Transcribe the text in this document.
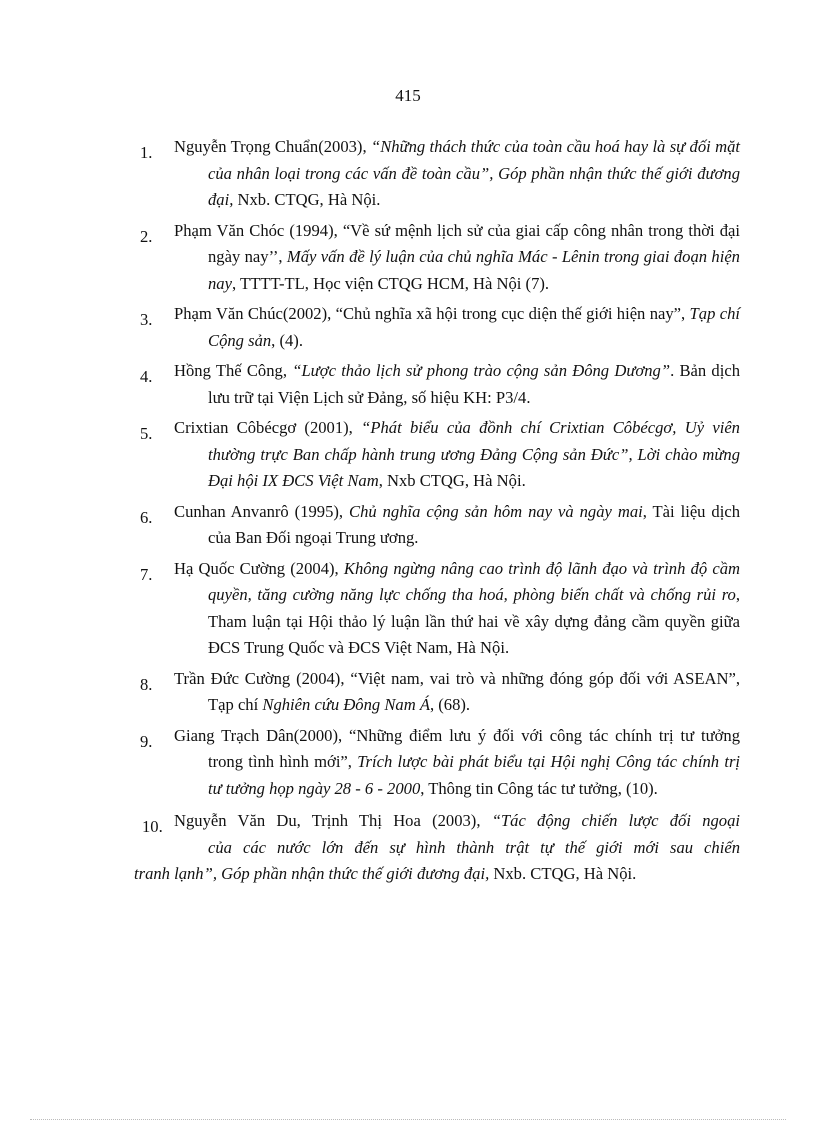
415
1.	Nguyễn Trọng Chuẩn(2003), “Những thách thức của toàn cầu hoá hay là sự đối mặt của nhân loại trong các vấn đề toàn cầu”, Góp phần nhận thức thế giới đương đại, Nxb. CTQG, Hà Nội.
2.	Phạm Văn Chóc (1994), “Về sứ mệnh lịch sử của giai cấp công nhân trong thời đại ngày nay’’, Mấy vấn đề lý luận của chủ nghĩa Mác - Lênin trong giai đoạn hiện nay, TTTT-TL, Học viện CTQG HCM, Hà Nội (7).
3.	Phạm Văn Chúc(2002), “Chủ nghĩa xã hội trong cục diện thế giới hiện nay”, Tạp chí Cộng sản, (4).
4.	Hồng Thế Công, “Lược thảo lịch sử phong trào cộng sản Đông Dương”. Bản dịch lưu trữ tại Viện Lịch sử Đảng, số hiệu KH: P3/4.
5.	Crixtian Côbécgơ (2001), “Phát biểu của đồnh chí Crixtian Côbécgơ, Uỷ viên thường trực Ban chấp hành trung ương Đảng Cộng sản Đức”, Lời chào mừng Đại hội IX ĐCS Việt Nam, Nxb CTQG, Hà Nội.
6.	Cunhan Anvanrô (1995), Chủ nghĩa cộng sản hôm nay và ngày mai, Tài liệu dịch của Ban Đối ngoại Trung ương.
7.	Hạ Quốc Cường (2004), Không ngừng nâng cao trình độ lãnh đạo và trình độ cầm quyền, tăng cường năng lực chống tha hoá, phòng biến chất và chống rủi ro, Tham luận tại Hội thảo lý luận lần thứ hai về xây dựng đảng cầm quyền giữa ĐCS Trung Quốc và ĐCS Việt Nam, Hà Nội.
8.	Trần Đức Cường (2004), “Việt nam, vai trò và những đóng góp đối với ASEAN”, Tạp chí Nghiên cứu Đông Nam Á, (68).
9.	Giang Trạch Dân(2000), “Những điểm lưu ý đối với công tác chính trị tư tưởng trong tình hình mới”, Trích lược bài phát biểu tại Hội nghị Công tác chính trị tư tưởng họp ngày 28 - 6 - 2000, Thông tin Công tác tư tưởng, (10).
10. Nguyễn Văn Du, Trịnh Thị Hoa (2003), “Tác động chiến lược đối ngoại
của các nước lớn đến sự hình thành trật tự thế giới mới sau chiến
tranh lạnh”, Góp phần nhận thức thế giới đương đại, Nxb. CTQG, Hà Nội.
